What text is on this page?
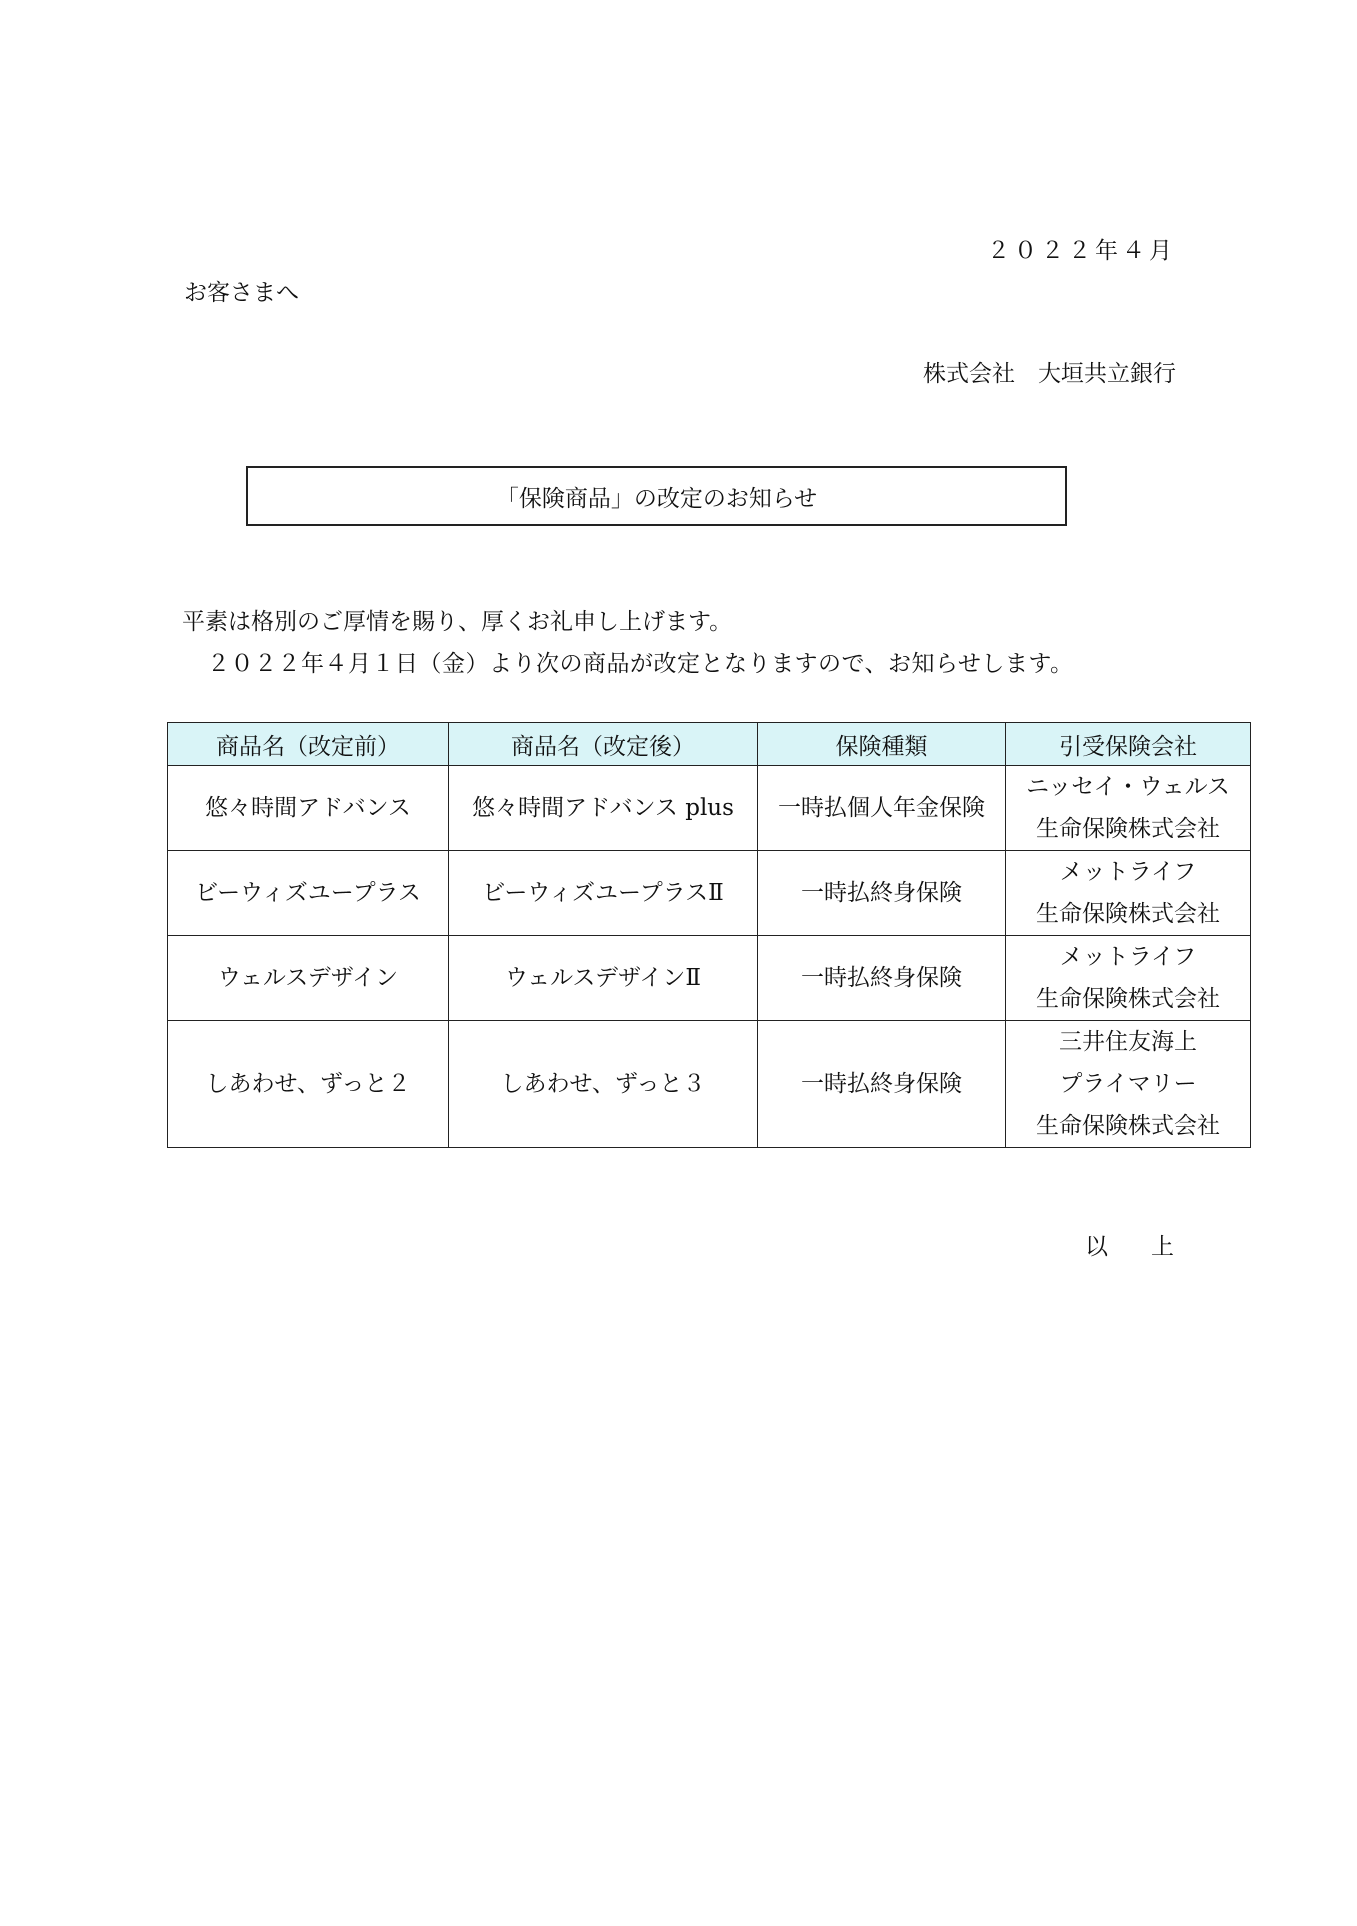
２０２２年４月
お客さまへ
株式会社　大垣共立銀行
「保険商品」の改定のお知らせ
平素は格別のご厚情を賜り、厚くお礼申し上げます。
２０２２年４月１日（金）より次の商品が改定となりますので、お知らせします。
商品名（改定前）	商品名（改定後）	保険種類	引受保険会社
悠々時間アドバンス	悠々時間アドバンス plus	一時払個人年金保険	ニッセイ・ウェルス
生命保険株式会社

ビーウィズユープラス	ビーウィズユープラスⅡ	一時払終身保険	メットライフ
生命保険株式会社

ウェルスデザイン	ウェルスデザインⅡ	一時払終身保険	メットライフ
生命保険株式会社

しあわせ、ずっと２	しあわせ、ずっと３	一時払終身保険	三井住友海上
プライマリー
生命保険株式会社
以　上
